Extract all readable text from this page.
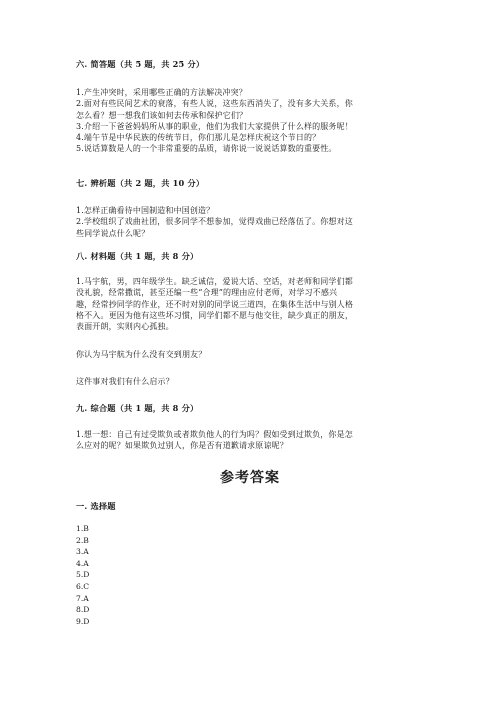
六. 简答题（共 5 题，共 25 分）
1.产生冲突时，采用哪些正确的方法解决冲突？
2.面对有些民间艺术的衰落，有些人说，这些东西消失了，没有多大关系，你
怎么看？想一想我们该如何去传承和保护它们？
3.介绍一下爸爸妈妈所从事的职业，他们为我们大家提供了什么样的服务呢！
4.端午节是中华民族的传统节日，你们那儿是怎样庆祝这个节日的？
5.说话算数是人的一个非常重要的品质，请你说一说说话算数的重要性。
七. 辨析题（共 2 题，共 10 分）
1.怎样正确看待中国制造和中国创造？
2.学校组织了戏曲社团，很多同学不想参加，觉得戏曲已经落伍了。你想对这
些同学说点什么呢？
八. 材料题（共 1 题，共 8 分）
1.马宇航，男，四年级学生。缺乏诚信，爱说大话、空话，对老师和同学们都
没礼貌，经常撒谎，甚至还编一些“合理”的理由应付老师，对学习不感兴
趣，经常抄同学的作业，还不时对别的同学说三道四，在集体生活中与别人格
格不入。更因为他有这些坏习惯，同学们都不愿与他交往，缺少真正的朋友，
表面开朗，实则内心孤独。
你认为马宇航为什么没有交到朋友？
这件事对我们有什么启示？
九. 综合题（共 1 题，共 8 分）
1.想一想：自己有过受欺负或者欺负他人的行为吗？假如受到过欺负，你是怎
么应对的呢？如果欺负过别人，你是否有道歉请求原谅呢？
参考答案
一. 选择题
1.B
2.B
3.A
4.A
5.D
6.C
7.A
8.D
9.D
